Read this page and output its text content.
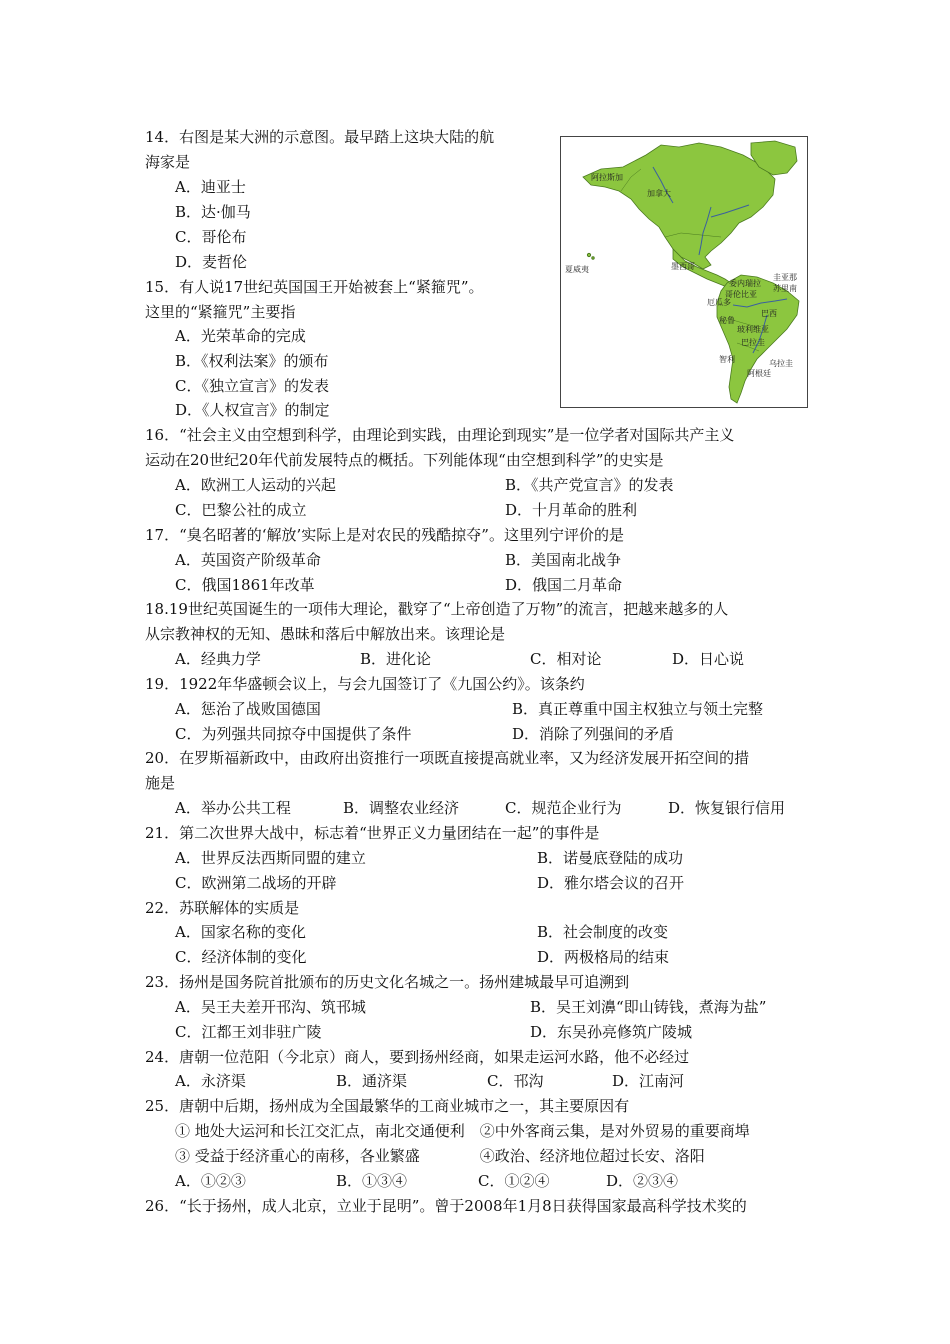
阿拉斯加
加拿大
夏威夷	墨西哥
委内瑞拉
圭亚那
苏里南
哥伦比亚
厄瓜多
巴西
秘鲁
玻利维亚
巴拉圭
智利	乌拉圭
阿根廷
14．右图是某大洲的示意图。最早踏上这块大陆的航
海家是
A．迪亚士
B．达·伽马
C．哥伦布
D．麦哲伦
15．有人说17世纪英国国王开始被套上“紧箍咒”。
这里的“紧箍咒”主要指
A．光荣革命的完成
B．《权利法案》的颁布
C．《独立宣言》的发表
D．《人权宣言》的制定
16．“社会主义由空想到科学，由理论到实践，由理论到现实”是一位学者对国际共产主义
运动在20世纪20年代前发展特点的概括。下列能体现“由空想到科学”的史实是
A．欧洲工人运动的兴起	B．《共产党宣言》的发表
C．巴黎公社的成立	D．十月革命的胜利
17．“臭名昭著的‘解放’实际上是对农民的残酷掠夺”。这里列宁评价的是
A．英国资产阶级革命	B．美国南北战争
C．俄国1861年改革	D．俄国二月革命
18.19世纪英国诞生的一项伟大理论，戳穿了“上帝创造了万物”的流言，把越来越多的人
从宗教神权的无知、愚昧和落后中解放出来。该理论是
A．经典力学	B．进化论	C．相对论	D．日心说
19．1922年华盛顿会议上，与会九国签订了《九国公约》。该条约
A．惩治了战败国德国	B．真正尊重中国主权独立与领土完整
C．为列强共同掠夺中国提供了条件	D．消除了列强间的矛盾
20．在罗斯福新政中，由政府出资推行一项既直接提高就业率，又为经济发展开拓空间的措
施是
A．举办公共工程	B．调整农业经济	C．规范企业行为	D．恢复银行信用
21．第二次世界大战中，标志着“世界正义力量团结在一起”的事件是
A．世界反法西斯同盟的建立	B．诺曼底登陆的成功
C．欧洲第二战场的开辟	D．雅尔塔会议的召开
22．苏联解体的实质是
A．国家名称的变化	B．社会制度的改变
C．经济体制的变化	D．两极格局的结束
23．扬州是国务院首批颁布的历史文化名城之一。扬州建城最早可追溯到
A．吴王夫差开邗沟、筑邗城	B．吴王刘濞“即山铸钱，煮海为盐”
C．江都王刘非驻广陵	D．东吴孙亮修筑广陵城
24．唐朝一位范阳（今北京）商人，要到扬州经商，如果走运河水路，他不必经过
A．永济渠	B．通济渠	C．邗沟	D．江南河
25．唐朝中后期，扬州成为全国最繁华的工商业城市之一，其主要原因有
① 地处大运河和长江交汇点，南北交通便利　②中外客商云集，是对外贸易的重要商埠
③ 受益于经济重心的南移，各业繁盛　　　　④政治、经济地位超过长安、洛阳
A．①②③	B．①③④	C．①②④	D．②③④
26．“长于扬州，成人北京，立业于昆明”。曾于2008年1月8日获得国家最高科学技术奖的
